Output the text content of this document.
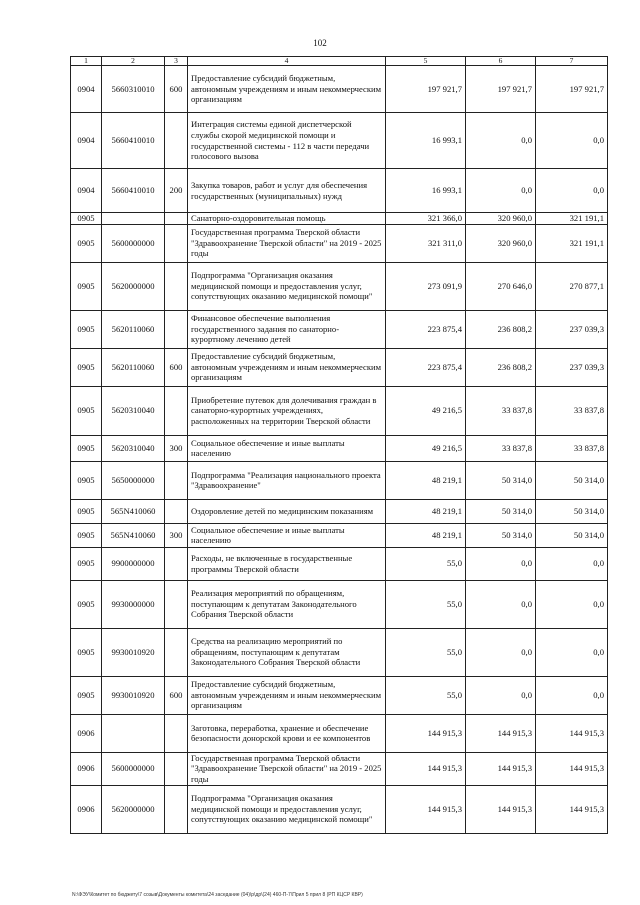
102
1	2	3	4	5	6	7
0904	5660310010	600	Предоставление субсидий бюджетным, автономным учреждениям и иным некоммерческим организациям	197 921,7	197 921,7	197 921,7
0904	5660410010		Интеграция системы единой диспетчерской службы скорой медицинской помощи и государственной системы - 112 в части передачи голосового вызова	16 993,1	0,0	0,0
0904	5660410010	200	Закупка товаров, работ и услуг для обеспечения государственных (муниципальных) нужд	16 993,1	0,0	0,0
0905			Санаторно-оздоровительная помощь	321 366,0	320 960,0	321 191,1
0905	5600000000		Государственная программа Тверской области "Здравоохранение Тверской области" на 2019 - 2025 годы	321 311,0	320 960,0	321 191,1
0905	5620000000		Подпрограмма "Организация оказания медицинской помощи и предоставления услуг, сопутствующих оказанию медицинской помощи"	273 091,9	270 646,0	270 877,1
0905	5620110060		Финансовое обеспечение выполнения государственного задания по санаторно-курортному лечению детей	223 875,4	236 808,2	237 039,3
0905	5620110060	600	Предоставление субсидий бюджетным, автономным учреждениям и иным некоммерческим организациям	223 875,4	236 808,2	237 039,3
0905	5620310040		Приобретение путевок для долечивания граждан в санаторно-курортных учреждениях, расположенных на территории Тверской области	49 216,5	33 837,8	33 837,8
0905	5620310040	300	Социальное обеспечение и иные выплаты населению	49 216,5	33 837,8	33 837,8
0905	5650000000		Подпрограмма "Реализация национального проекта "Здравоохранение"	48 219,1	50 314,0	50 314,0
0905	565N410060		Оздоровление детей по медицинским показаниям	48 219,1	50 314,0	50 314,0
0905	565N410060	300	Социальное обеспечение и иные выплаты населению	48 219,1	50 314,0	50 314,0
0905	9900000000		Расходы, не включенные в государственные программы Тверской области	55,0	0,0	0,0
0905	9930000000		Реализация мероприятий по обращениям, поступающим к депутатам Законодательного Собрания Тверской области	55,0	0,0	0,0
0905	9930010920		Средства на реализацию мероприятий по обращениям, поступающим к депутатам Законодательного Собрания Тверской области	55,0	0,0	0,0
0905	9930010920	600	Предоставление субсидий бюджетным, автономным учреждениям и иным некоммерческим организациям	55,0	0,0	0,0
0906			Заготовка, переработка, хранение и обеспечение безопасности донорской крови и ее компонентов	144 915,3	144 915,3	144 915,3
0906	5600000000		Государственная программа Тверской области "Здравоохранение Тверской области" на 2019 - 2025 годы	144 915,3	144 915,3	144 915,3
0906	5620000000		Подпрограмма "Организация оказания медицинской помощи и предоставления услуг, сопутствующих оказанию медицинской помощи"	144 915,3	144 915,3	144 915,3
N:\ФЭУ\Комитет по бюджету\7 созыв\Документы комитета\24 заседание (04)\р\др\(24) 460-П-7\Прил 5 прил 8 (РП КЦСР КВР)
